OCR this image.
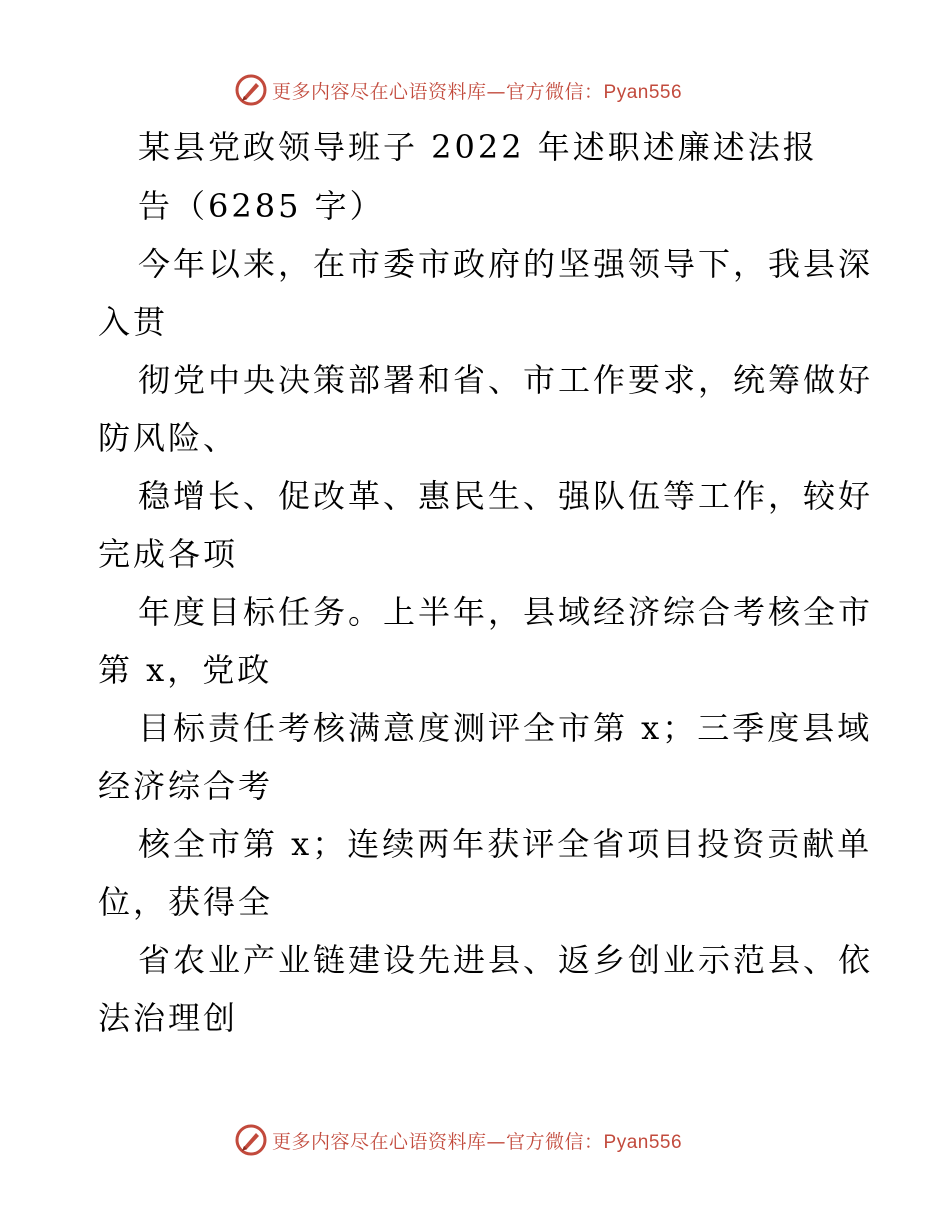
更多内容尽在心语资料库—官方微信：Pyan556
某县党政领导班子 2022 年述职述廉述法报
告（6285 字）
今年以来，在市委市政府的坚强领导下，我县深
入贯
彻党中央决策部署和省、市工作要求，统筹做好
防风险、
稳增长、促改革、惠民生、强队伍等工作，较好
完成各项
年度目标任务。上半年，县域经济综合考核全市
第 x，党政
目标责任考核满意度测评全市第 x；三季度县域
经济综合考
核全市第 x；连续两年获评全省项目投资贡献单
位，获得全
省农业产业链建设先进县、返乡创业示范县、依
法治理创
更多内容尽在心语资料库—官方微信：Pyan556
